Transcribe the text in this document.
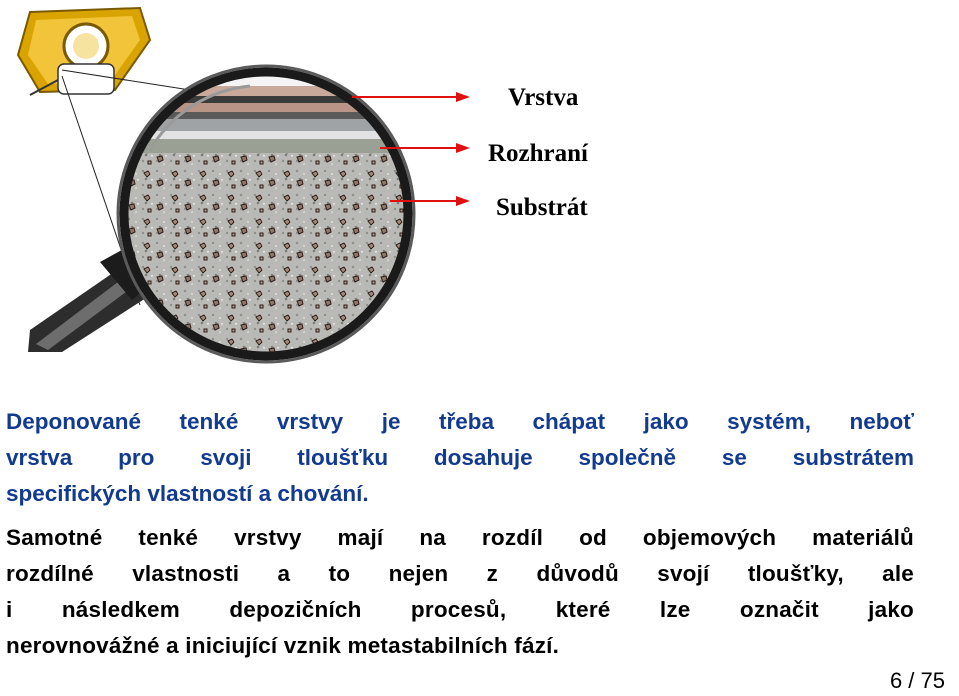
Vrstva
Rozhraní
Substrát

Deponované tenké vrstvy je třeba chápat jako systém, neboť
vrstva pro svoji tloušťku dosahuje společně se substrátem
specifických vlastností a chování.

Samotné tenké vrstvy mají na rozdíl od objemových materiálů
rozdílné vlastnosti a to nejen z důvodů svojí tloušťky, ale
i následkem depozičních procesů, které lze označit jako
nerovnovážné a iniciující vznik metastabilních fází.

6 / 75
